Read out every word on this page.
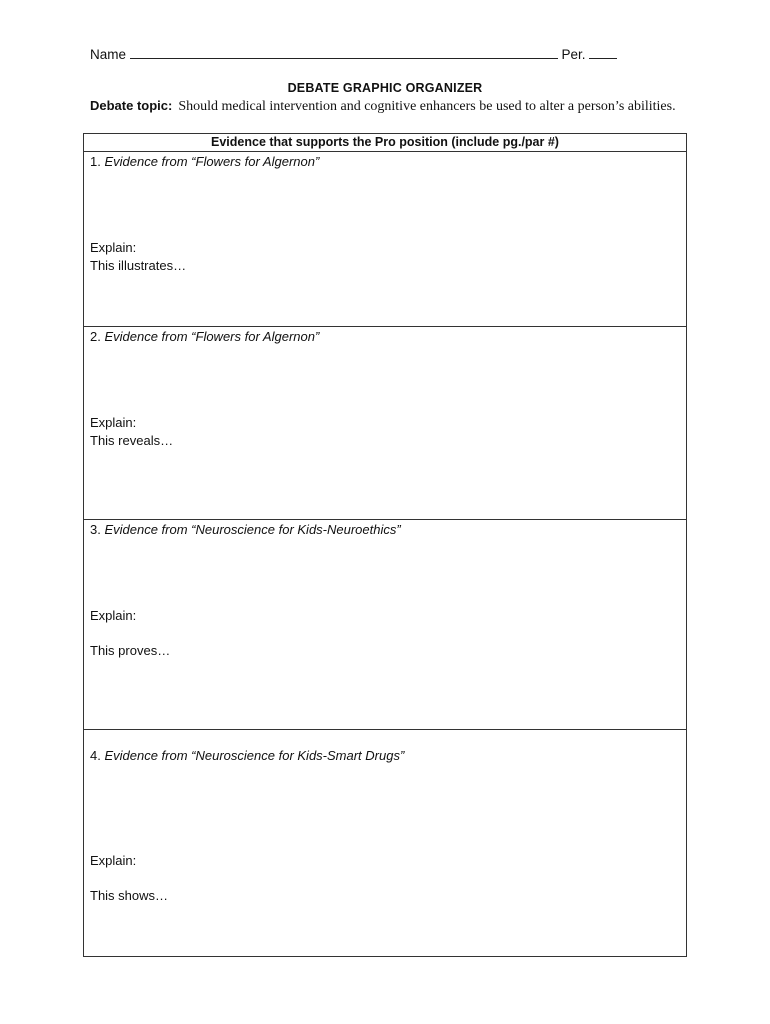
Name	Per.
DEBATE GRAPHIC ORGANIZER
Debate topic: Should medical intervention and cognitive enhancers be used to alter a person’s abilities.
Evidence that supports the Pro position (include pg./par #)

1. Evidence from “Flowers for Algernon”
Explain:
This illustrates…

2. Evidence from “Flowers for Algernon”
Explain:
This reveals…

3. Evidence from “Neuroscience for Kids-Neuroethics”
Explain:
This proves…

4. Evidence from “Neuroscience for Kids-Smart Drugs”
Explain:
This shows…
